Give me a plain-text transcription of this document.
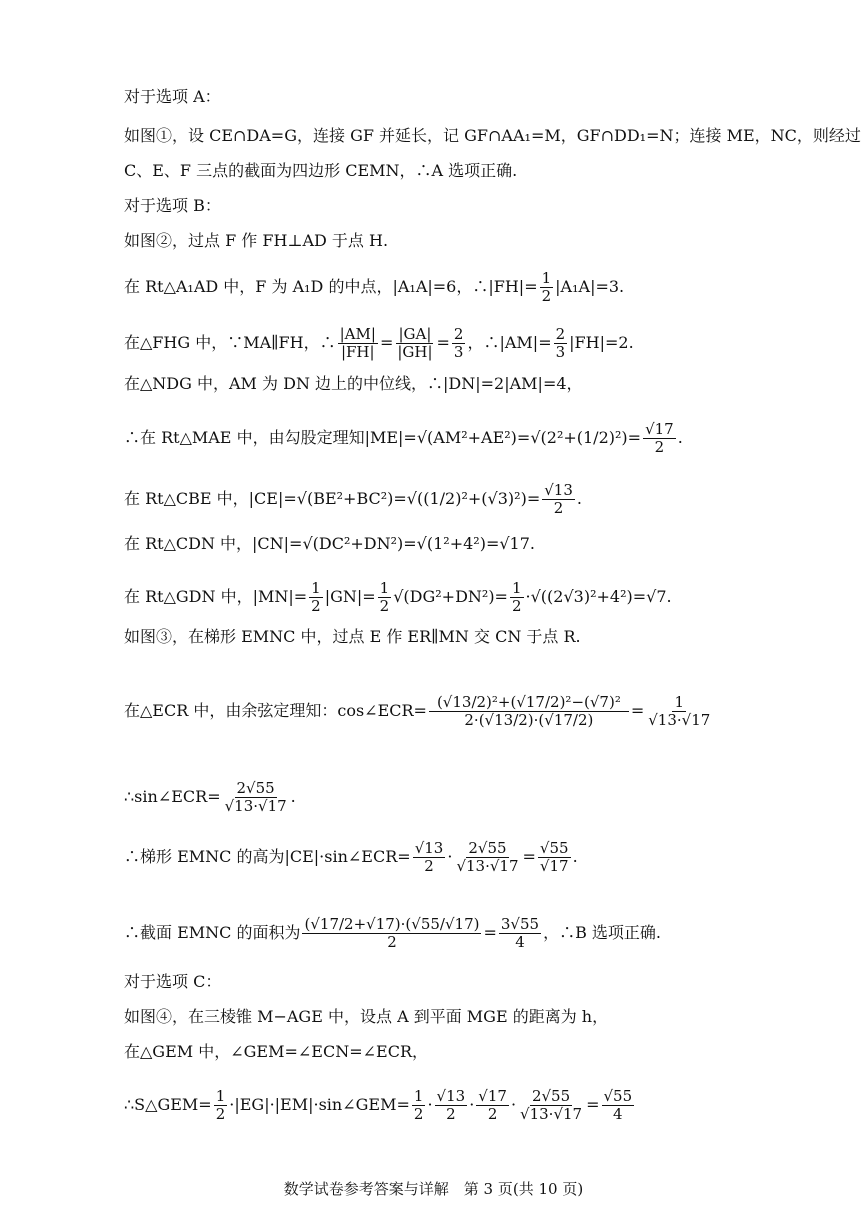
对于选项 A：
如图①，设 CE∩DA=G，连接 GF 并延长，记 GF∩AA₁=M，GF∩DD₁=N；连接 ME，NC，则经过
C、E、F 三点的截面为四边形 CEMN，∴A 选项正确.
对于选项 B：
如图②，过点 F 作 FH⊥AD 于点 H.
在 Rt△A₁AD 中，F 为 A₁D 的中点，|A₁A|=6，∴|FH|= $\frac{1}{2} |A_1A|=3$.
在△FHG 中，∵MA∥FH，∴ $\frac{|AM|}{|FH|} = \frac{|GA|}{|GH|} = \frac{2}{3}$ ，∴|AM|= $\frac{2}{3} |FH|=2$.
在△NDG 中，AM 为 DN 边上的中位线，∴|DN|=2|AM|=4，
∴在 Rt△MAE 中，由勾股定理知$|ME|=√(AM^2+AE^2)=√(2^2+(1/2)^2)= \frac{√17}{2}$ .
在 Rt△CBE 中，$|CE|=√(BE^2+BC^2)=√((1/2)^2+(√3)^2)= \frac{√13}{2}$ .
在 Rt△CDN 中，|CN|=√(DC²+DN²)=√(1²+4²)=√17.
在 Rt△GDN 中，$|MN|= \frac{1}{2} |GN|= \frac{1}{2} √(DG^2+DN^2)= \frac{1}{2} \cdot√((2√3)^2+4^2)=√7$.
如图③，在梯形 EMNC 中，过点 E 作 ER∥MN 交 CN 于点 R.
在△ECR 中，由余弦定理知：cos∠ECR= $\frac{\text{(√13/2)²+(√17/2)²−(√7)²}}{2\cdot(√13/2)\cdot(√17/2)} = \frac{1}{√13\cdot√17}$
∴sin∠ECR= $\frac{2√55}{√13\cdot√17}$ .
∴梯形 EMNC 的高为|CE|·sin∠ECR= $\frac{√13}{2} \cdot \frac{2√55}{√13\cdot√17} = \frac{√55}{√17}$ .
∴截面 EMNC 的面积为 $\frac{(√17/2+√17)\cdot(√55/√17)}{2} = \frac{3√55}{4}$ ，∴B 选项正确.
对于选项 C：
如图④，在三棱锥 M−AGE 中，设点 A 到平面 MGE 的距离为 h，
在△GEM 中，∠GEM=∠ECN=∠ECR，
∴S△GEM= $\frac{1}{2}$ ·|EG|·|EM|·sin∠GEM= $\frac{1}{2} \cdot \frac{√13}{2} \cdot \frac{√17}{2} \cdot \frac{2√55}{√13\cdot√17} = \frac{√55}{4}$
数学试卷参考答案与详解　第 3 页(共 10 页)
